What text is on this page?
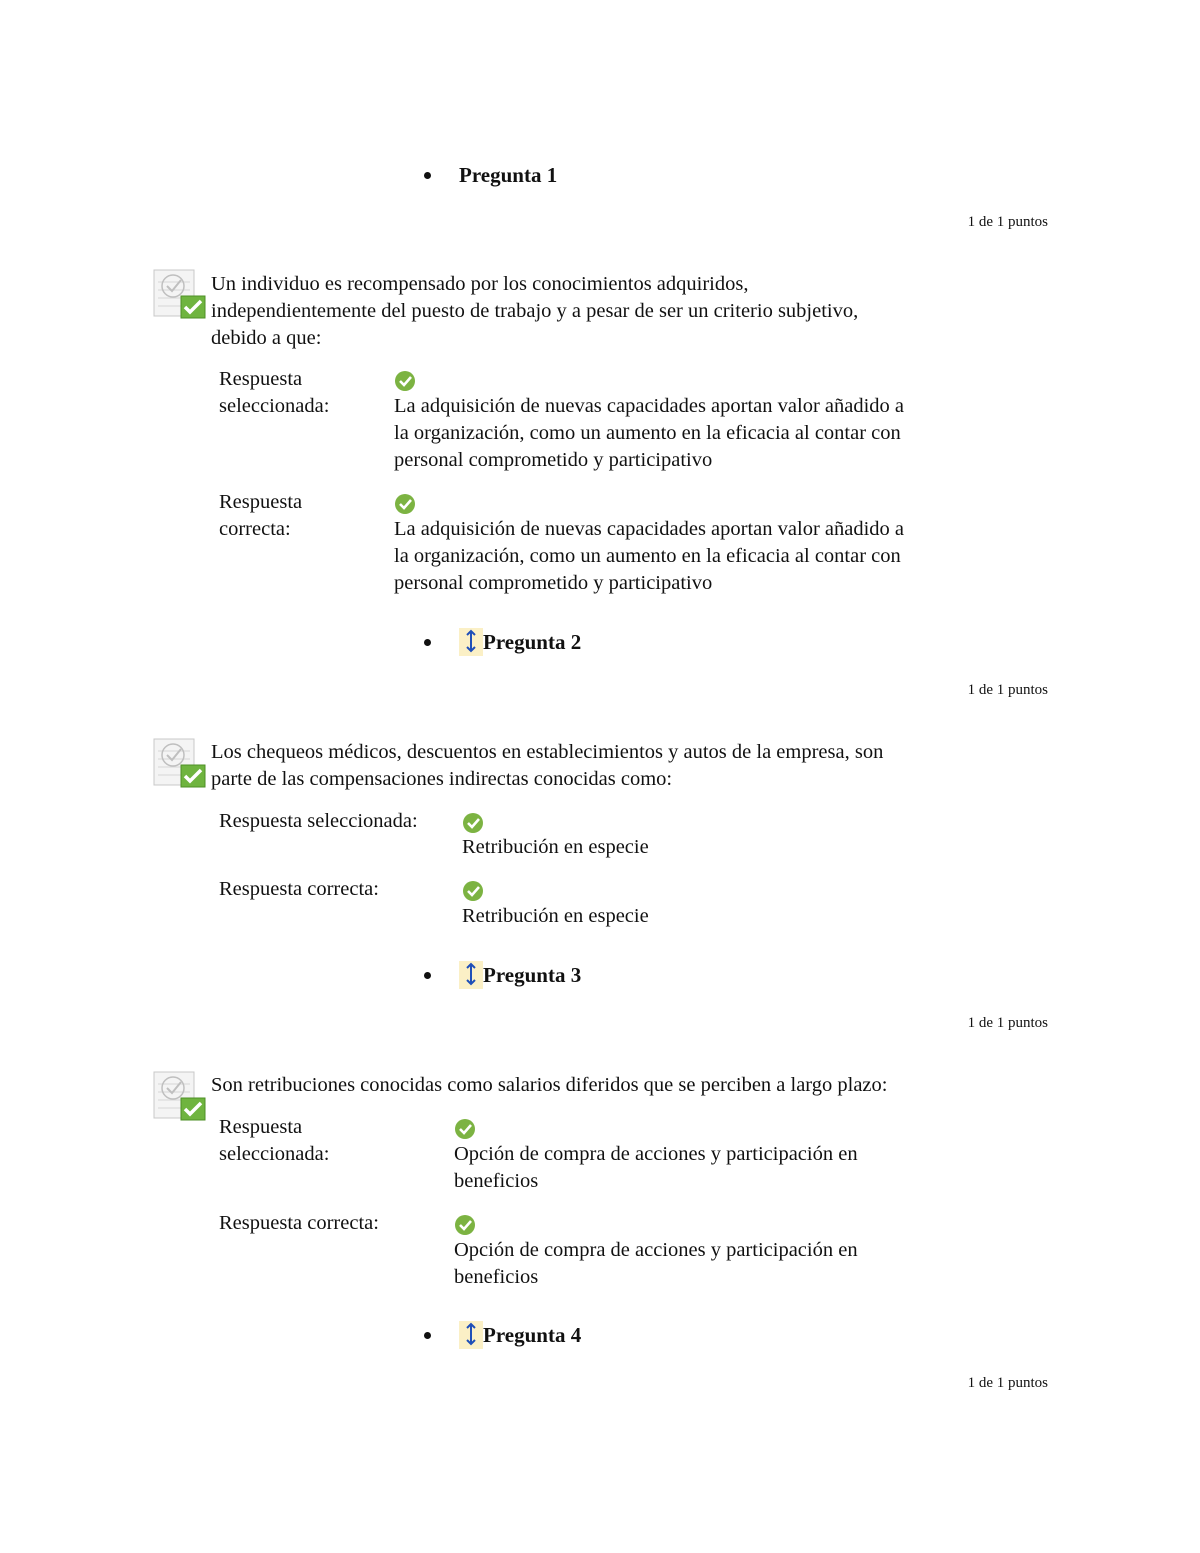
Pregunta 1
1 de 1 puntos
Un individuo es recompensado por los conocimientos adquiridos,
independientemente del puesto de trabajo y a pesar de ser un criterio subjetivo,
debido a que:
Respuesta
seleccionada:	La adquisición de nuevas capacidades aportan valor añadido a
la organización, como un aumento en la eficacia al contar con
personal comprometido y participativo
Respuesta
correcta:	La adquisición de nuevas capacidades aportan valor añadido a
la organización, como un aumento en la eficacia al contar con
personal comprometido y participativo
Pregunta 2
1 de 1 puntos
Los chequeos médicos, descuentos en establecimientos y autos de la empresa, son
parte de las compensaciones indirectas conocidas como:
Respuesta seleccionada:
Retribución en especie
Respuesta correcta:
Retribución en especie
Pregunta 3
1 de 1 puntos
Son retribuciones conocidas como salarios diferidos que se perciben a largo plazo:
Respuesta
seleccionada:	Opción de compra de acciones y participación en
beneficios
Respuesta correcta:
Opción de compra de acciones y participación en
beneficios
Pregunta 4
1 de 1 puntos
